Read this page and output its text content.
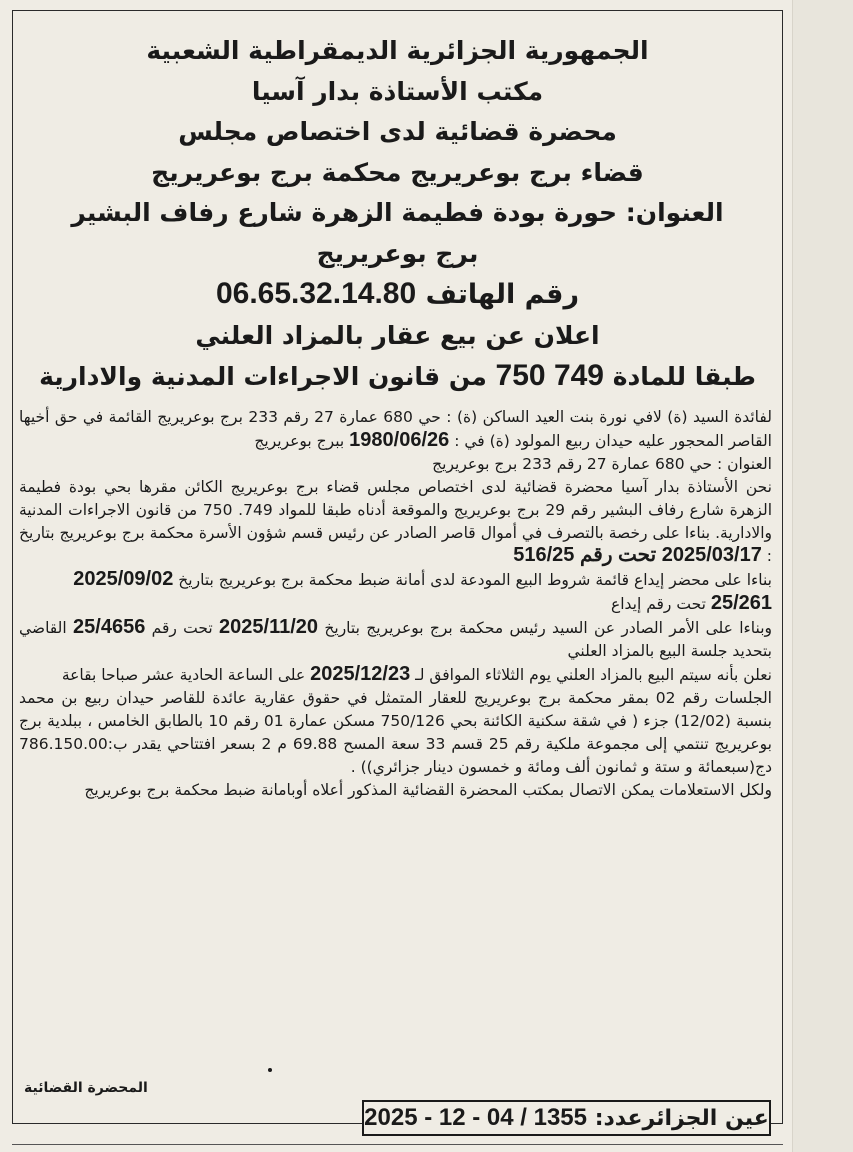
الجمهورية الجزائرية الديمقراطية الشعبية
مكتب الأستاذة بدار آسيا
محضرة قضائية لدى اختصاص مجلس
قضاء برج بوعريريج محكمة برج بوعريريج
العنوان: حورة بودة فطيمة الزهرة شارع رفاف البشير
برج بوعريريج
رقم الهاتف 06.65.32.14.80
اعلان عن بيع عقار بالمزاد العلني
طبقا للمادة 749 750 من قانون الاجراءات المدنية والادارية

لفائدة السيد (ة) لافي نورة بنت العيد الساكن (ة) : حي 680 عمارة 27 رقم 233 برج بوعريريج القائمة في حق أخيها القاصر المحجور عليه حيدان ربيع المولود (ة) في : 1980/06/26 ببرج بوعريريج

العنوان : حي 680 عمارة 27 رقم 233 برج بوعريريج

نحن الأستاذة بدار آسيا محضرة قضائية لدى اختصاص مجلس قضاء برج بوعريريج الكائن مقرها بحي بودة فطيمة الزهرة شارع رفاف البشير رقم 29 برج بوعريريج والموقعة أدناه طبقا للمواد 749. 750 من قانون الاجراءات المدنية والادارية. بناءا على رخصة بالتصرف في أموال قاصر الصادر عن رئيس قسم شؤون الأسرة محكمة برج بوعريريج بتاريخ : 2025/03/17 تحت رقم 516/25

بناءا على محضر إيداع قائمة شروط البيع المودعة لدى أمانة ضبط محكمة برج بوعريريج بتاريخ 2025/09/02

25/261 تحت رقم إيداع

وبناءا على الأمر الصادر عن السيد رئيس محكمة برج بوعريريج بتاريخ 2025/11/20 تحت رقم 25/4656 القاضي بتحديد جلسة البيع بالمزاد العلني

نعلن بأنه سيتم البيع بالمزاد العلني يوم الثلاثاء الموافق لـ 2025/12/23 على الساعة الحادية عشر صباحا بقاعة

الجلسات رقم 02 بمقر محكمة برج بوعريريج للعقار المتمثل في حقوق عقارية عائدة للقاصر حيدان ربيع بن محمد بنسبة (12/02) جزء ( في شقة سكنية الكائنة بحي 750/126 مسكن عمارة 01 رقم 10 بالطابق الخامس ، ببلدية برج بوعريريج تنتمي إلى مجموعة ملكية رقم 25 قسم 33 سعة المسح 69.88 م 2 بسعر افتتاحي يقدر ب:786.150.00 دج(سبعمائة و ستة و ثمانون ألف ومائة و خمسون دينار جزائري)) .

ولكل الاستعلامات يمكن الاتصال بمكتب المحضرة القضائية المذكور أعلاه أوبامانة ضبط محكمة برج بوعريريج

المحضرة القضائية
عين الجزائرعدد: 2025 - 12 - 04 / 1355
